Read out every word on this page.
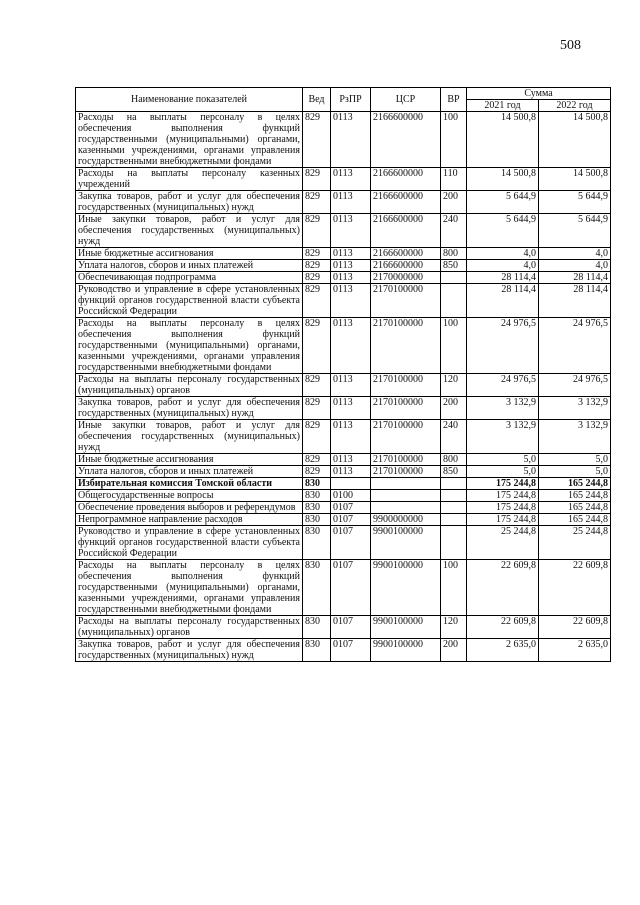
508
Наименование показателей	Вед	РзПР	ЦСР	ВР	Сумма	
					2021 год	2022 год
Расходы на выплаты персоналу в целях обеспечения выполнения функций государственными (муниципальными) органами, казенными учреждениями, органами управления государственными внебюджетными фондами	829	0113	2166600000	100	14 500,8	14 500,8
Расходы на выплаты персоналу казенных учреждений	829	0113	2166600000	110	14 500,8	14 500,8
Закупка товаров, работ и услуг для обеспечения государственных (муниципальных) нужд	829	0113	2166600000	200	5 644,9	5 644,9
Иные закупки товаров, работ и услуг для обеспечения государственных (муниципальных) нужд	829	0113	2166600000	240	5 644,9	5 644,9
Иные бюджетные ассигнования	829	0113	2166600000	800	4,0	4,0
Уплата налогов, сборов и иных платежей	829	0113	2166600000	850	4,0	4,0
Обеспечивающая подпрограмма	829	0113	2170000000		28 114,4	28 114,4
Руководство и управление в сфере установленных функций органов государственной власти субъекта Российской Федерации	829	0113	2170100000		28 114,4	28 114,4
Расходы на выплаты персоналу в целях обеспечения выполнения функций государственными (муниципальными) органами, казенными учреждениями, органами управления государственными внебюджетными фондами	829	0113	2170100000	100	24 976,5	24 976,5
Расходы на выплаты персоналу государственных (муниципальных) органов	829	0113	2170100000	120	24 976,5	24 976,5
Закупка товаров, работ и услуг для обеспечения государственных (муниципальных) нужд	829	0113	2170100000	200	3 132,9	3 132,9
Иные закупки товаров, работ и услуг для обеспечения государственных (муниципальных) нужд	829	0113	2170100000	240	3 132,9	3 132,9
Иные бюджетные ассигнования	829	0113	2170100000	800	5,0	5,0
Уплата налогов, сборов и иных платежей	829	0113	2170100000	850	5,0	5,0
Избирательная комиссия Томской области	830				175 244,8	165 244,8
Общегосударственные вопросы	830	0100			175 244,8	165 244,8
Обеспечение проведения выборов и референдумов	830	0107			175 244,8	165 244,8
Непрограммное направление расходов	830	0107	9900000000		175 244,8	165 244,8
Руководство и управление в сфере установленных функций органов государственной власти субъекта Российской Федерации	830	0107	9900100000		25 244,8	25 244,8
Расходы на выплаты персоналу в целях обеспечения выполнения функций государственными (муниципальными) органами, казенными учреждениями, органами управления государственными внебюджетными фондами	830	0107	9900100000	100	22 609,8	22 609,8
Расходы на выплаты персоналу государственных (муниципальных) органов	830	0107	9900100000	120	22 609,8	22 609,8
Закупка товаров, работ и услуг для обеспечения государственных (муниципальных) нужд	830	0107	9900100000	200	2 635,0	2 635,0
